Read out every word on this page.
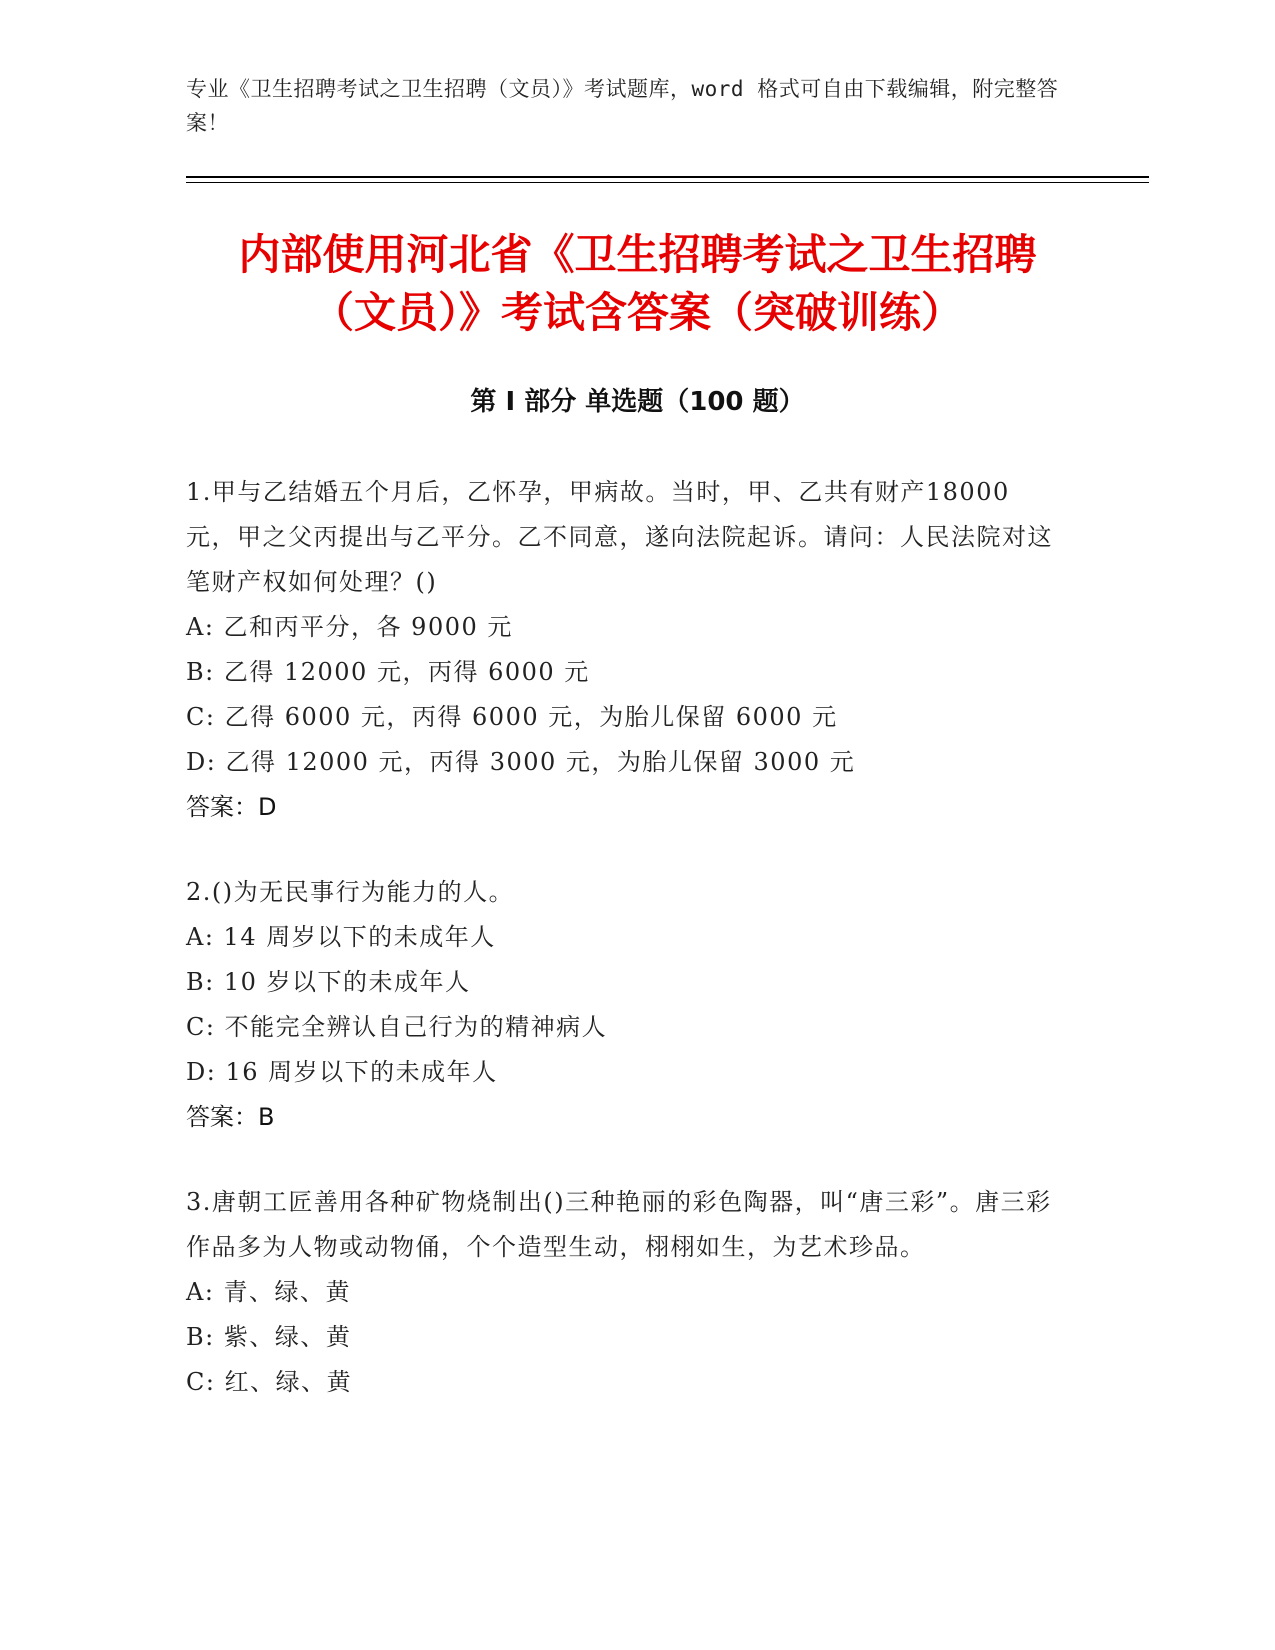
专业《卫生招聘考试之卫生招聘（文员）》考试题库，word 格式可自由下载编辑，附完整答案！
内部使用河北省《卫生招聘考试之卫生招聘
（文员）》考试含答案（突破训练）
第 I 部分 单选题（100 题）
1.甲与乙结婚五个月后，乙怀孕，甲病故。当时，甲、乙共有财产18000 元，甲之父丙提出与乙平分。乙不同意，遂向法院起诉。请问：人民法院对这笔财产权如何处理？()
A: 乙和丙平分，各 9000 元
B: 乙得 12000 元，丙得 6000 元
C: 乙得 6000 元，丙得 6000 元，为胎儿保留 6000 元
D: 乙得 12000 元，丙得 3000 元，为胎儿保留 3000 元
答案：D
2.()为无民事行为能力的人。
A: 14 周岁以下的未成年人
B: 10 岁以下的未成年人
C: 不能完全辨认自己行为的精神病人
D: 16 周岁以下的未成年人
答案：B
3.唐朝工匠善用各种矿物烧制出()三种艳丽的彩色陶器，叫“唐三彩”。唐三彩作品多为人物或动物俑，个个造型生动，栩栩如生，为艺术珍品。
A: 青、绿、黄
B: 紫、绿、黄
C: 红、绿、黄
